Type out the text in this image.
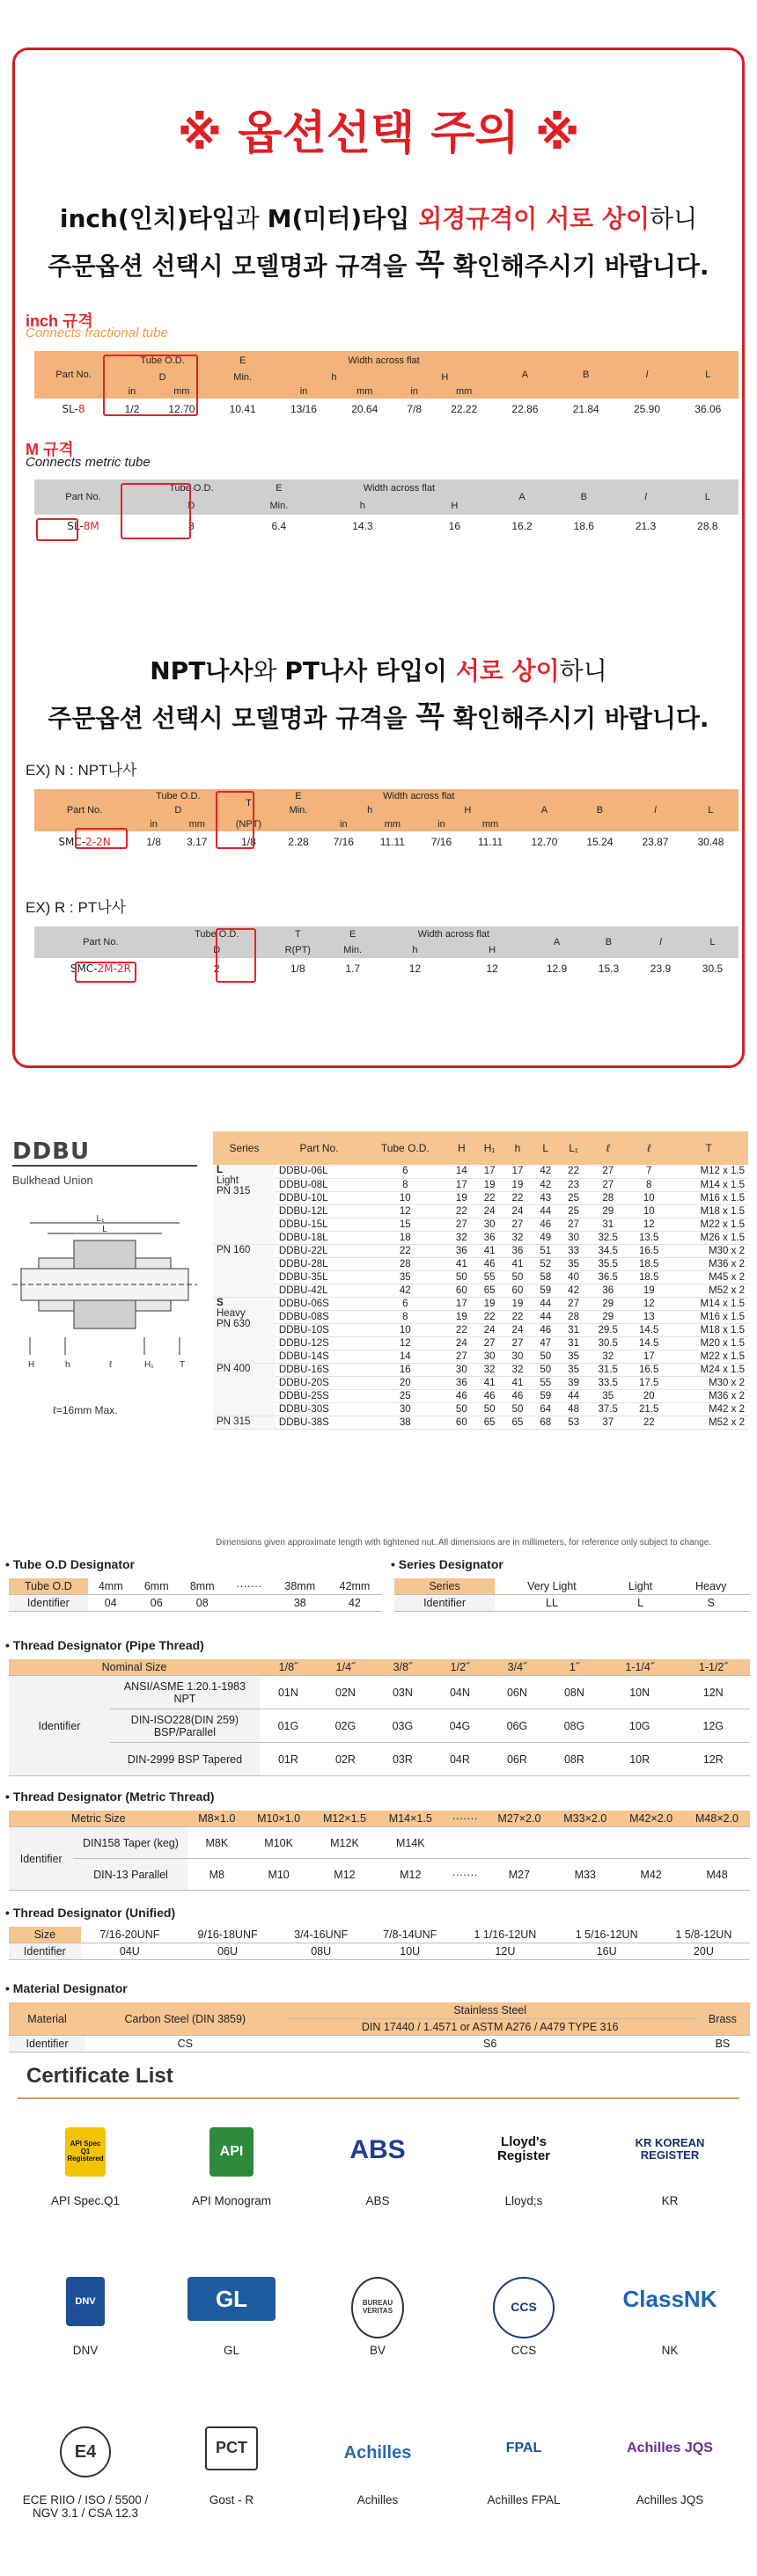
※ 옵션선택 주의 ※
inch(인치)타입과 M(미터)타입 외경규격이 서로 상이하니
주문옵션 선택시 모델명과 규격을 꼭 확인해주시기 바랍니다.
inch 규격
Connects fractional tube
Part No.	Tube O.D.		E	Width across flat				A	B	l	L
	D		Min.	h		H					
	in	mm		in	mm	in	mm				
SL-8	1/2	12.70	10.41	13/16	20.64	7/8	22.22	22.86	21.84	25.90	36.06
M 규격
Connects metric tube
Part No.	Tube O.D.	E	Width across flat		A	B	l	L
	D	Min.	h	H				
SL-8M	8	6.4	14.3	16	16.2	18.6	21.3	28.8
NPT나사와 PT나사 타입이 서로 상이하니
주문옵션 선택시 모델명과 규격을 꼭 확인해주시기 바랍니다.
EX) N : NPT나사
Part No.	Tube O.D.		T	E	Width across flat				A	B	l	L
	D			Min.	h		H					
	in	mm	(NPT)		in	mm	in	mm				
SMC-2-2N	1/8	3.17	1/8	2.28	7/16	11.11	7/16	11.11	12.70	15.24	23.87	30.48
EX) R : PT나사
Part No.	Tube O.D.	T	E	Width across flat		A	B	l	L
	D	R(PT)	Min.	h	H				
SMC-2M-2R	2	1/8	1.7	12	12	12.9	15.3	23.9	30.5
DDBU
Bulkhead Union
L₁
L
H	h	ℓ	H₁	T
ℓ=16mm Max.
Series	Part No.	Tube O.D.	H	H₁	h	L	L₁	ℓ	ℓ	T

L
Light
PN 315	DDBU-06L	6	14	17	17	42	22	27	7	M12 x 1.5
	DDBU-08L	8	17	19	19	42	23	27	8	M14 x 1.5
	DDBU-10L	10	19	22	22	43	25	28	10	M16 x 1.5
	DDBU-12L	12	22	24	24	44	25	29	10	M18 x 1.5
	DDBU-15L	15	27	30	27	46	27	31	12	M22 x 1.5
	DDBU-18L	18	32	36	32	49	30	32.5	13.5	M26 x 1.5

PN 160	DDBU-22L	22	36	41	36	51	33	34.5	16.5	M30 x 2
	DDBU-28L	28	41	46	41	52	35	35.5	18.5	M36 x 2
	DDBU-35L	35	50	55	50	58	40	36.5	18.5	M45 x 2
	DDBU-42L	42	60	65	60	59	42	36	19	M52 x 2

S
Heavy
PN 630	DDBU-06S	6	17	19	19	44	27	29	12	M14 x 1.5
	DDBU-08S	8	19	22	22	44	28	29	13	M16 x 1.5
	DDBU-10S	10	22	24	24	46	31	29.5	14.5	M18 x 1.5
	DDBU-12S	12	24	27	27	47	31	30.5	14.5	M20 x 1.5
	DDBU-14S	14	27	30	30	50	35	32	17	M22 x 1.5

PN 400	DDBU-16S	16	30	32	32	50	35	31.5	16.5	M24 x 1.5
	DDBU-20S	20	36	41	41	55	39	33.5	17.5	M30 x 2
	DDBU-25S	25	46	46	46	59	44	35	20	M36 x 2
	DDBU-30S	30	50	50	50	64	48	37.5	21.5	M42 x 2

PN 315	DDBU-38S	38	60	65	65	68	53	37	22	M52 x 2
Dimensions given approximate length with tightened nut. All dimensions are in millimeters, for reference only subject to change.
• Tube O.D Designator
Tube O.D	4mm	6mm	8mm	·······	38mm	42mm
Identifier	04	06	08		38	42
• Series Designator
Series	Very Light	Light	Heavy
Identifier	LL	L	S
• Thread Designator (Pipe Thread)
Nominal Size		1/8˝	1/4˝	3/8˝	1/2˝	3/4˝	1˝	1-1/4˝	1-1/2˝
Identifier	ANSI/ASME 1.20.1-1983 NPT	01N	02N	03N	04N	06N	08N	10N	12N
	DIN-ISO228(DIN 259) BSP/Parallel	01G	02G	03G	04G	06G	08G	10G	12G
	DIN-2999 BSP Tapered	01R	02R	03R	04R	06R	08R	10R	12R
• Thread Designator (Metric Thread)
Metric Size		M8×1.0	M10×1.0	M12×1.5	M14×1.5	·······	M27×2.0	M33×2.0	M42×2.0	M48×2.0
Identifier	DIN158 Taper (keg)	M8K	M10K	M12K	M14K					
	DIN-13 Parallel	M8	M10	M12	M12	·······	M27	M33	M42	M48
• Thread Designator (Unified)
Size	7/16-20UNF	9/16-18UNF	3/4-16UNF	7/8-14UNF	1 1/16-12UN	1 5/16-12UN	1 5/8-12UN
Identifier	04U	06U	08U	10U	12U	16U	20U
• Material Designator
Material	Carbon Steel (DIN 3859)	Stainless Steel	Brass
		DIN 17440 / 1.4571 or ASTM A276 / A479 TYPE 316	
Identifier	CS	S6	BS
Certificate List
API Spec Q1 Registered
API Spec.Q1
API
API Monogram
ABS
ABS
Lloyd's Register
Lloyd;s
KR KOREAN REGISTER
KR
DNV
DNV
GL
GL
BUREAU VERITAS
BV
CCS
CCS
ClassNK
NK
E4
ECE RIIO / ISO / 5500 / NGV 3.1 / CSA 12.3
PCT
Gost - R
Achilles
Achilles
FPAL
Achilles FPAL
Achilles JQS
Achilles JQS
